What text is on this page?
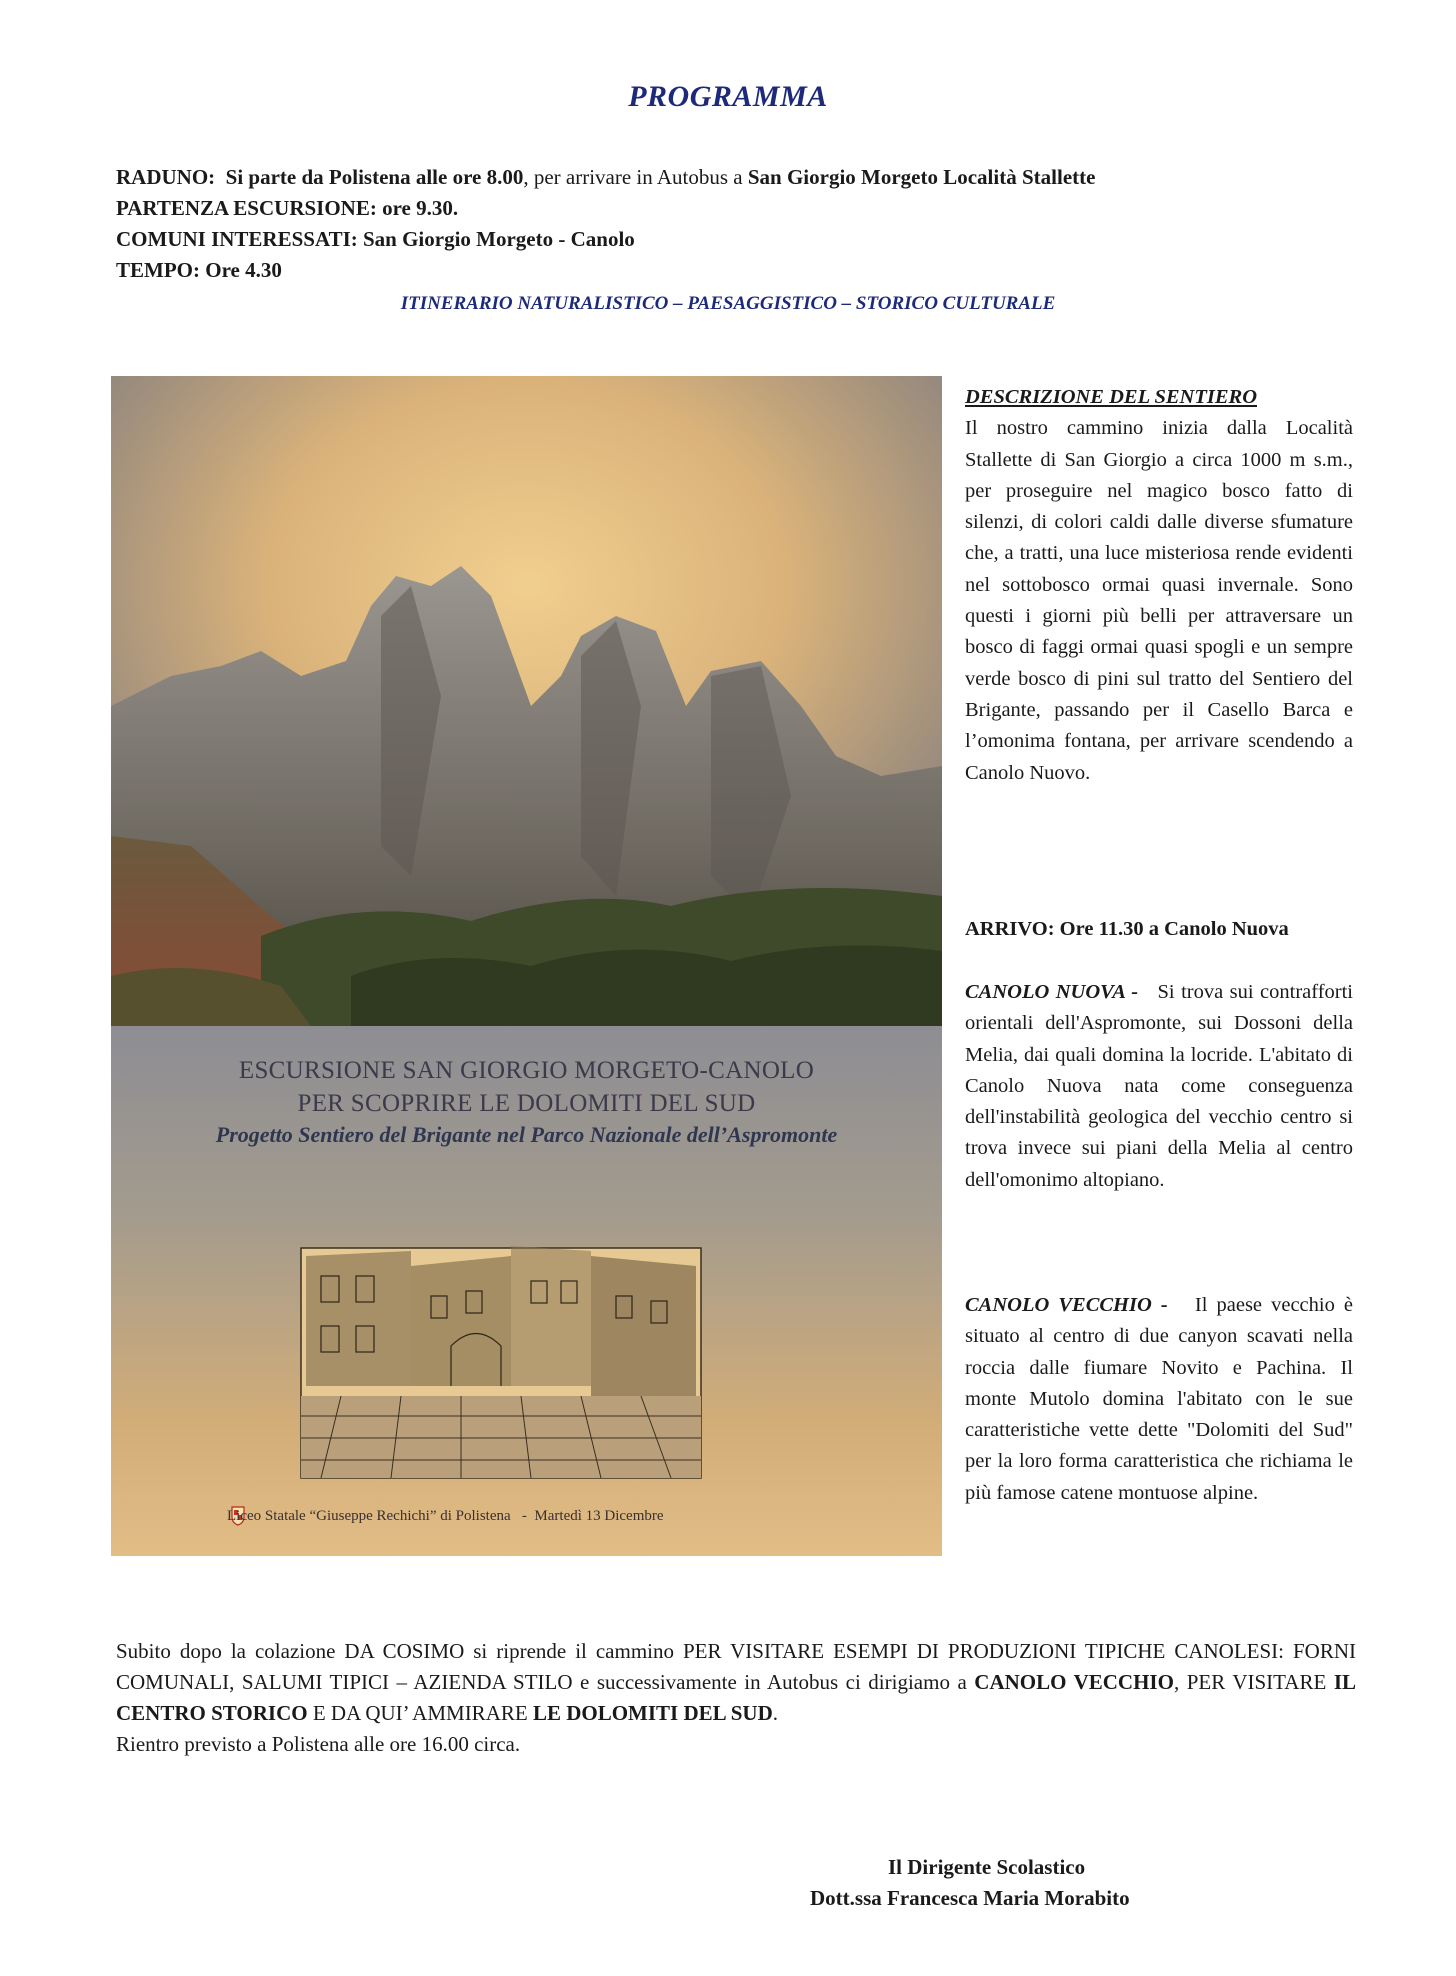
PROGRAMMA
RADUNO: Si parte da Polistena alle ore 8.00, per arrivare in Autobus a San Giorgio Morgeto Località Stallette
PARTENZA ESCURSIONE: ore 9.30.
COMUNI INTERESSATI: San Giorgio Morgeto - Canolo
TEMPO: Ore 4.30
ITINERARIO NATURALISTICO – PAESAGGISTICO – STORICO CULTURALE
ESCURSIONE SAN GIORGIO MORGETO-CANOLO
PER SCOPRIRE LE DOLOMITI DEL SUD
Progetto Sentiero del Brigante nel Parco Nazionale dell’Aspromonte
Liceo Statale “Giuseppe Rechichi” di Polistena   -  Martedì 13 Dicembre
DESCRIZIONE DEL SENTIERO
Il nostro cammino inizia dalla Località Stallette di San Giorgio a circa 1000 m s.m., per proseguire nel magico bosco fatto di silenzi, di colori caldi dalle diverse sfumature che, a tratti, una luce misteriosa rende evidenti nel sottobosco ormai quasi invernale. Sono questi i giorni più belli per attraversare un bosco di faggi ormai quasi spogli e un sempre verde bosco di pini sul tratto del Sentiero del Brigante, passando per il Casello Barca e l’omonima fontana, per arrivare scendendo a Canolo Nuovo.
ARRIVO: Ore 11.30 a Canolo Nuova
CANOLO NUOVA - Si trova sui contrafforti orientali dell'Aspromonte, sui Dossoni della Melia, dai quali domina la locride. L'abitato di Canolo Nuova nata come conseguenza dell'instabilità geologica del vecchio centro si trova invece sui piani della Melia al centro dell'omonimo altopiano.
CANOLO VECCHIO - Il paese vecchio è situato al centro di due canyon scavati nella roccia dalle fiumare Novito e Pachina. Il monte Mutolo domina l'abitato con le sue caratteristiche vette dette "Dolomiti del Sud" per la loro forma caratteristica che richiama le più famose catene montuose alpine.
Subito dopo la colazione DA COSIMO si riprende il cammino PER VISITARE ESEMPI DI PRODUZIONI TIPICHE CANOLESI: FORNI COMUNALI, SALUMI TIPICI – AZIENDA STILO e successivamente in Autobus ci dirigiamo a CANOLO VECCHIO, PER VISITARE IL CENTRO STORICO E DA QUI’ AMMIRARE LE DOLOMITI DEL SUD.
Rientro previsto a Polistena alle ore 16.00 circa.
Il Dirigente Scolastico
Dott.ssa Francesca Maria Morabito
